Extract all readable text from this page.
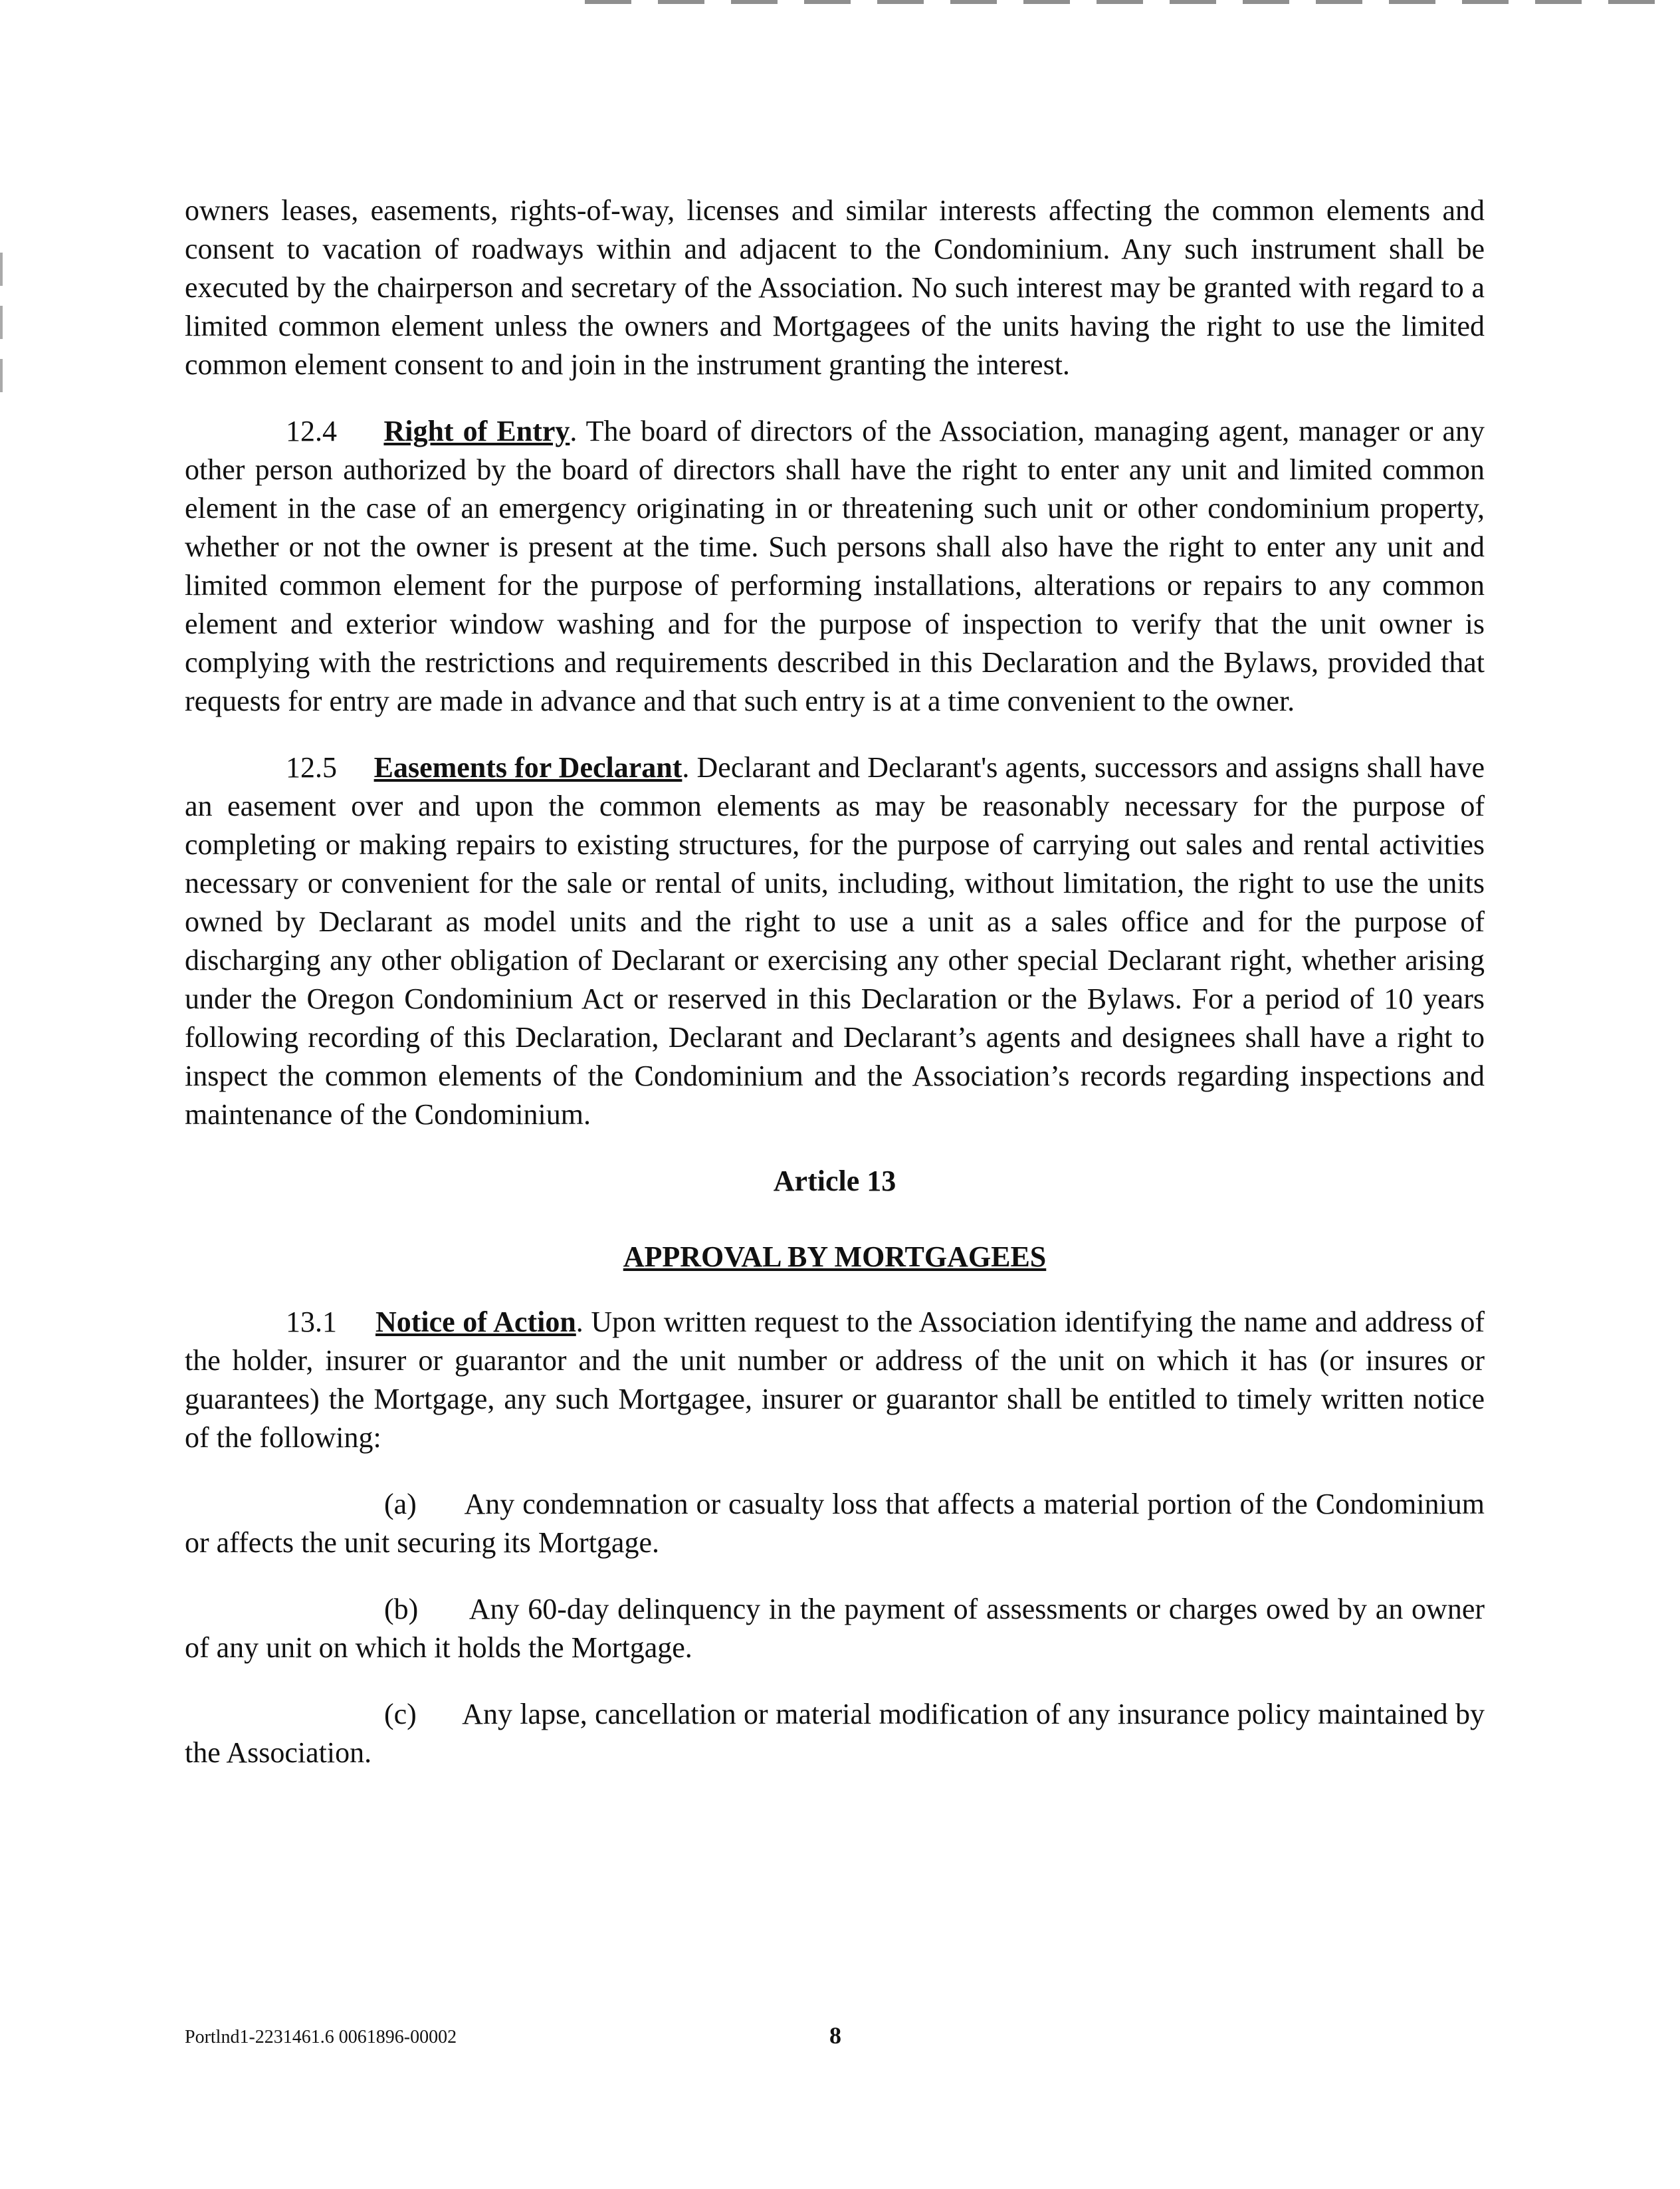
owners leases, easements, rights-of-way, licenses and similar interests affecting the common elements and consent to vacation of roadways within and adjacent to the Condominium. Any such instrument shall be executed by the chairperson and secretary of the Association. No such interest may be granted with regard to a limited common element unless the owners and Mortgagees of the units having the right to use the limited common element consent to and join in the instrument granting the interest.

12.4 Right of Entry. The board of directors of the Association, managing agent, manager or any other person authorized by the board of directors shall have the right to enter any unit and limited common element in the case of an emergency originating in or threatening such unit or other condominium property, whether or not the owner is present at the time. Such persons shall also have the right to enter any unit and limited common element for the purpose of performing installations, alterations or repairs to any common element and exterior window washing and for the purpose of inspection to verify that the unit owner is complying with the restrictions and requirements described in this Declaration and the Bylaws, provided that requests for entry are made in advance and that such entry is at a time convenient to the owner.

12.5 Easements for Declarant. Declarant and Declarant's agents, successors and assigns shall have an easement over and upon the common elements as may be reasonably necessary for the purpose of completing or making repairs to existing structures, for the purpose of carrying out sales and rental activities necessary or convenient for the sale or rental of units, including, without limitation, the right to use the units owned by Declarant as model units and the right to use a unit as a sales office and for the purpose of discharging any other obligation of Declarant or exercising any other special Declarant right, whether arising under the Oregon Condominium Act or reserved in this Declaration or the Bylaws. For a period of 10 years following recording of this Declaration, Declarant and Declarant’s agents and designees shall have a right to inspect the common elements of the Condominium and the Association’s records regarding inspections and maintenance of the Condominium.

Article 13
APPROVAL BY MORTGAGEES

13.1 Notice of Action. Upon written request to the Association identifying the name and address of the holder, insurer or guarantor and the unit number or address of the unit on which it has (or insures or guarantees) the Mortgage, any such Mortgagee, insurer or guarantor shall be entitled to timely written notice of the following:

(a) Any condemnation or casualty loss that affects a material portion of the Condominium or affects the unit securing its Mortgage.

(b) Any 60-day delinquency in the payment of assessments or charges owed by an owner of any unit on which it holds the Mortgage.

(c) Any lapse, cancellation or material modification of any insurance policy maintained by the Association.

Portlnd1-2231461.6 0061896-00002	8
